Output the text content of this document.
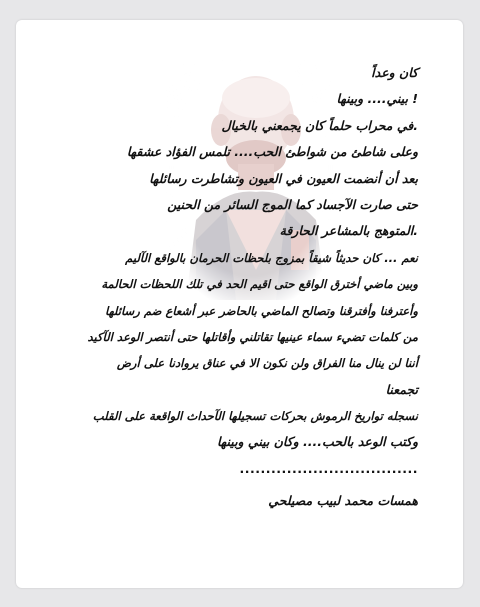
كان وعداً
! بيني.... وبينها
.في محراب حلماً كان يجمعني بالخيال
وعلى شاطئ من شواطئ الحب.... تلمس الفؤاد عشقها
بعد أن أنضمت العيون في العيون وتشاطرت رسائلها
حتى صارت الآجساد كما الموج السائر من الحنين
.المتوهج بالمشاعر الحارقة
نعم ... كان حديثاً شيقاً بمزوج بلحظات الحرمان بالواقع الآليم
وبين ماضي أخترق الواقع حتى اقيم الحد في تلك اللحظات الحالمة
وأعترفنا وأفترقنا وتصالح الماضي بالحاضر عبر أشعاع ضم رسائلها
من كلمات تضيء سماء عينيها تقاتلني وأقاتلها حتى أنتصر الوعد الآكيد
أننا لن ينال منا الفراق ولن نكون الا في عناق يروادنا على أرض
تجمعنا
نسجله تواريخ الرموش بحركات تسجيلها الآحداث الواقعة على القلب
وكتب الوعد بالحب.... وكان بيني وبينها
..................................
همسات محمد لبيب مصيلحي
